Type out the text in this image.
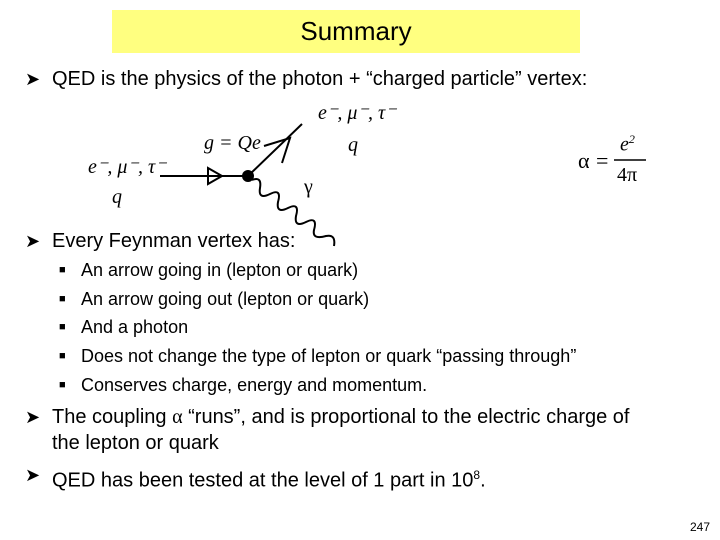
Summary
➤ QED is the physics of the photon + “charged particle” vertex:
e⁻, μ⁻, τ⁻
q
e⁻, μ⁻, τ⁻
q
g = Qe
γ
α =
$e^2$
4π
➤ Every Feynman vertex has:
■ An arrow going in (lepton or quark)
■ An arrow going out (lepton or quark)
■ And a photon
■ Does not change the type of lepton or quark “passing through”
■ Conserves charge, energy and momentum.
➤ The coupling α “runs”, and is proportional to the electric charge of
the lepton or quark
➤ QED has been tested at the level of 1 part in $10^8$.
247
